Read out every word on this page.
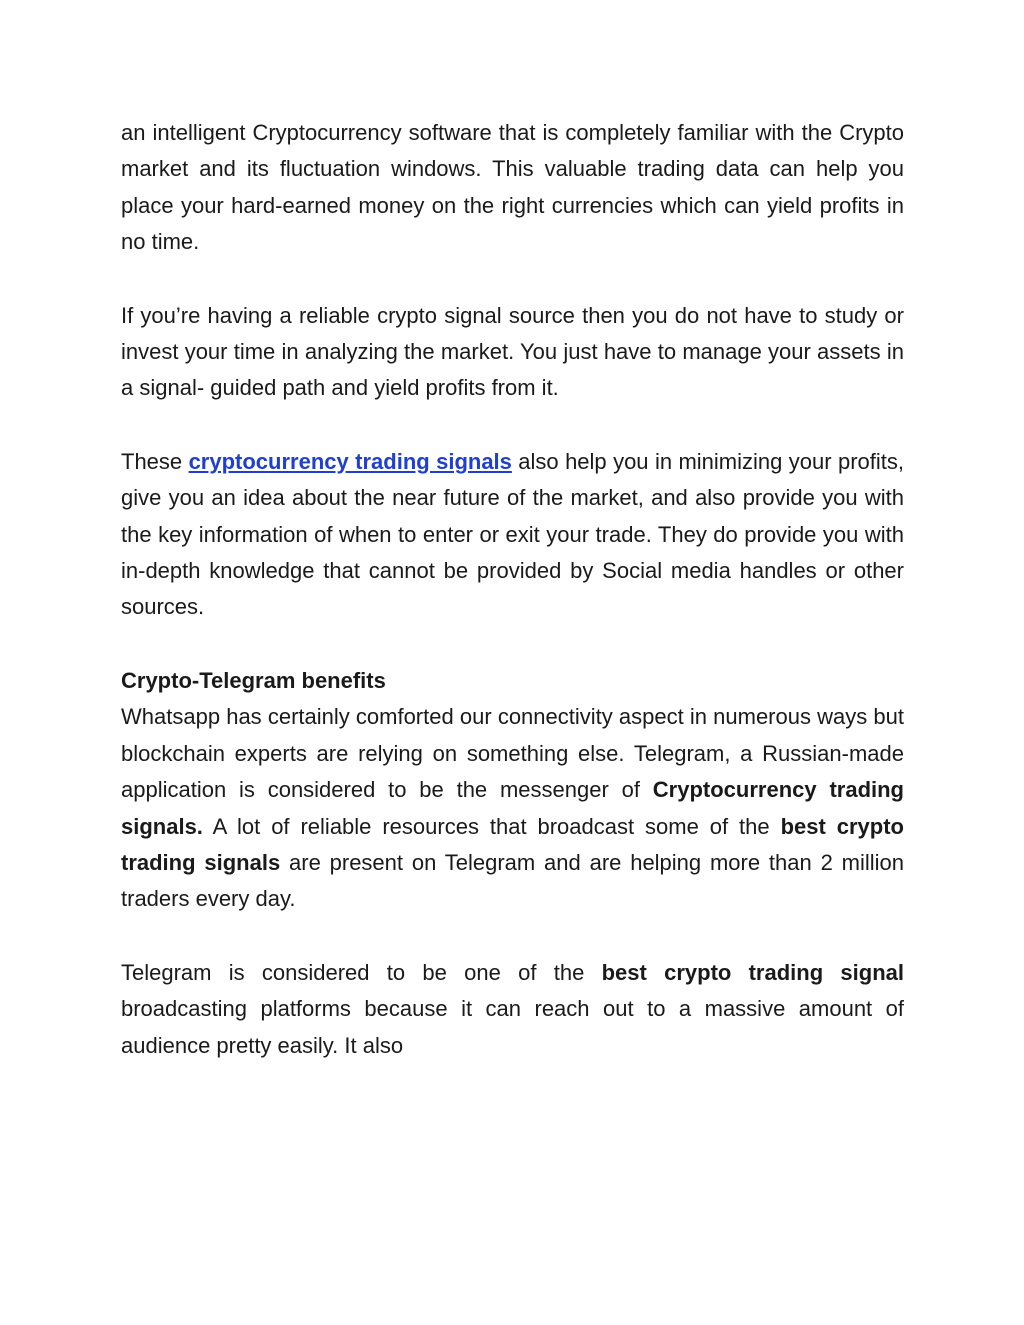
an intelligent Cryptocurrency software that is completely familiar with the Crypto market and its fluctuation windows. This valuable trading data can help you place your hard-earned money on the right currencies which can yield profits in no time.

If you’re having a reliable crypto signal source then you do not have to study or invest your time in analyzing the market. You just have to manage your assets in a signal- guided path and yield profits from it.

These cryptocurrency trading signals also help you in minimizing your profits, give you an idea about the near future of the market, and also provide you with the key information of when to enter or exit your trade. They do provide you with in-depth knowledge that cannot be provided by Social media handles or other sources.

Crypto-Telegram benefits

Whatsapp has certainly comforted our connectivity aspect in numerous ways but blockchain experts are relying on something else. Telegram, a Russian-made application is considered to be the messenger of Cryptocurrency trading signals. A lot of reliable resources that broadcast some of the best crypto trading signals are present on Telegram and are helping more than 2 million traders every day.

Telegram is considered to be one of the best crypto trading signal broadcasting platforms because it can reach out to a massive amount of audience pretty easily. It also
